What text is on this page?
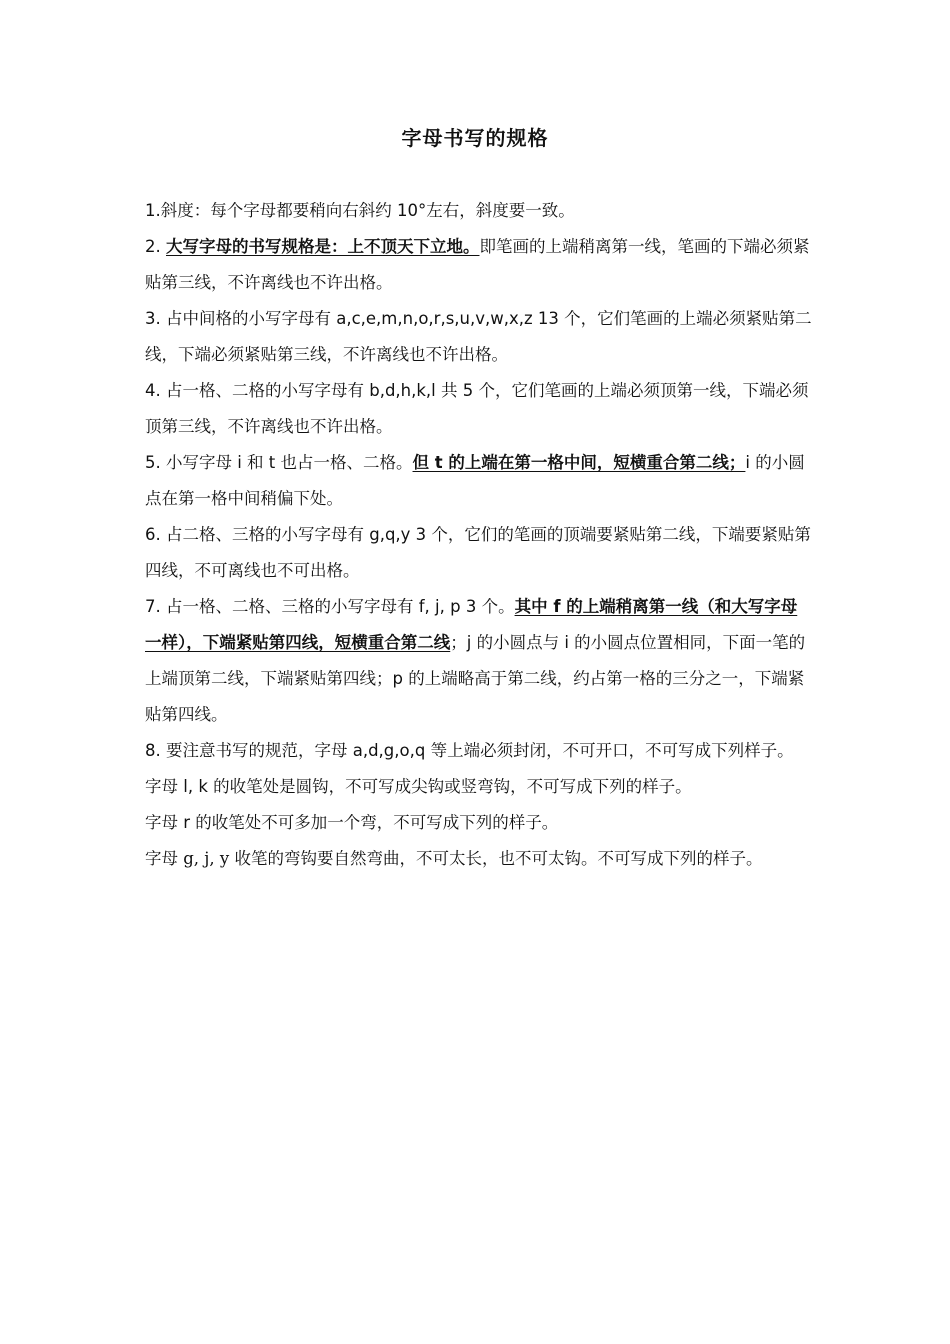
字母书写的规格

1.斜度：每个字母都要稍向右斜约 10°左右，斜度要一致。

2. 大写字母的书写规格是：上不顶天下立地。即笔画的上端稍离第一线，笔画的下端必须紧贴第三线，不许离线也不许出格。

3. 占中间格的小写字母有 a,c,e,m,n,o,r,s,u,v,w,x,z 13 个，它们笔画的上端必须紧贴第二线，下端必须紧贴第三线，不许离线也不许出格。

4. 占一格、二格的小写字母有 b,d,h,k,l 共 5 个，它们笔画的上端必须顶第一线，下端必须顶第三线，不许离线也不许出格。

5. 小写字母 i 和 t 也占一格、二格。但 t 的上端在第一格中间，短横重合第二线；i 的小圆点在第一格中间稍偏下处。

6. 占二格、三格的小写字母有 g,q,y 3 个，它们的笔画的顶端要紧贴第二线，下端要紧贴第四线，不可离线也不可出格。

7. 占一格、二格、三格的小写字母有 f, j, p 3 个。其中 f 的上端稍离第一线（和大写字母一样），下端紧贴第四线，短横重合第二线；j 的小圆点与 i 的小圆点位置相同，下面一笔的上端顶第二线，下端紧贴第四线；p 的上端略高于第二线，约占第一格的三分之一，下端紧贴第四线。

8. 要注意书写的规范，字母 a,d,g,o,q 等上端必须封闭，不可开口，不可写成下列样子。

字母 l, k 的收笔处是圆钩，不可写成尖钩或竖弯钩，不可写成下列的样子。

字母 r 的收笔处不可多加一个弯，不可写成下列的样子。

字母 g, j, y 收笔的弯钩要自然弯曲，不可太长，也不可太钩。不可写成下列的样子。
